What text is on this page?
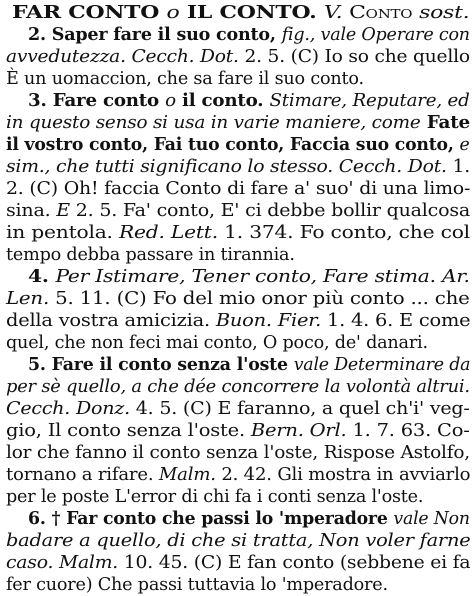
FAR CONTO o IL CONTO. V. Conto sost.
2. Saper fare il suo conto, fig., vale Operare con
avvedutezza. Cecch. Dot. 2. 5. (C) Io so che quello
È un uomaccion, che sa fare il suo conto.
3. Fare conto o il conto. Stimare, Reputare, ed
in questo senso si usa in varie maniere, come Fate
il vostro conto, Fai tuo conto, Faccia suo conto, e
sim., che tutti significano lo stesso. Cecch. Dot. 1.
2. (C) Oh! faccia Conto di fare a' suo' di una limo-
sina. E 2. 5. Fa' conto, E' ci debbe bollir qualcosa
in pentola. Red. Lett. 1. 374. Fo conto, che col
tempo debba passare in tirannia.
4. Per Istimare, Tener conto, Fare stima. Ar.
Len. 5. 11. (C) Fo del mio onor più conto ... che
della vostra amicizia. Buon. Fier. 1. 4. 6. E come
quel, che non feci mai conto, O poco, de' danari.
5. Fare il conto senza l'oste vale Determinare da
per sè quello, a che dée concorrere la volontà altrui.
Cecch. Donz. 4. 5. (C) E faranno, a quel ch'i' veg-
gio, Il conto senza l'oste. Bern. Orl. 1. 7. 63. Co-
lor che fanno il conto senza l'oste, Rispose Astolfo,
tornano a rifare. Malm. 2. 42. Gli mostra in avviarlo
per le poste L'error di chi fa i conti senza l'oste.
6. † Far conto che passi lo 'mperadore vale Non
badare a quello, di che si tratta, Non voler farne
caso. Malm. 10. 45. (C) E fan conto (sebbene ei fa
fer cuore) Che passi tuttavia lo 'mperadore.
